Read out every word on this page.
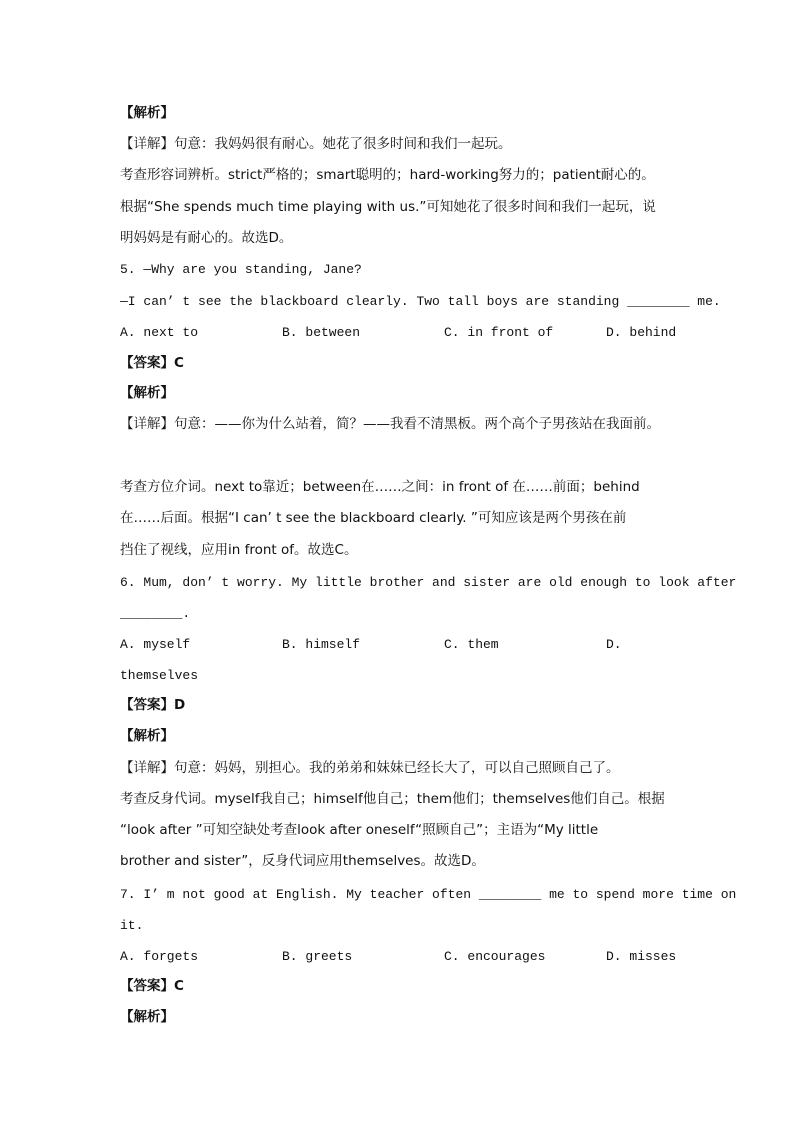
【解析】
【详解】句意：我妈妈很有耐心。她花了很多时间和我们一起玩。
考查形容词辨析。strict严格的；smart聪明的；hard-working努力的；patient耐心的。
根据“She spends much time playing with us.”可知她花了很多时间和我们一起玩，说
明妈妈是有耐心的。故选D。
5. —Why are you standing, Jane?
—I can’ t see the blackboard clearly. Two tall boys are standing ________ me.
A. next to	B. between	C. in front of	D. behind
【答案】C
【解析】
【详解】句意：——你为什么站着，简？——我看不清黑板。两个高个子男孩站在我面前。
考查方位介词。next to靠近；between在……之间：in front of 在……前面；behind
在……后面。根据“I can’ t see the blackboard clearly. ”可知应该是两个男孩在前
挡住了视线，应用in front of。故选C。
6. Mum, don’ t worry. My little brother and sister are old enough to look after
________.
A. myself	B. himself	C. them	D.
themselves
【答案】D
【解析】
【详解】句意：妈妈，别担心。我的弟弟和妹妹已经长大了，可以自己照顾自己了。
考查反身代词。myself我自己；himself他自己；them他们；themselves他们自己。根据
“look after ”可知空缺处考查look after oneself“照顾自己”；主语为“My little
brother and sister”，反身代词应用themselves。故选D。
7. I’ m not good at English. My teacher often ________ me to spend more time on
it.
A. forgets	B. greets	C. encourages	D. misses
【答案】C
【解析】
